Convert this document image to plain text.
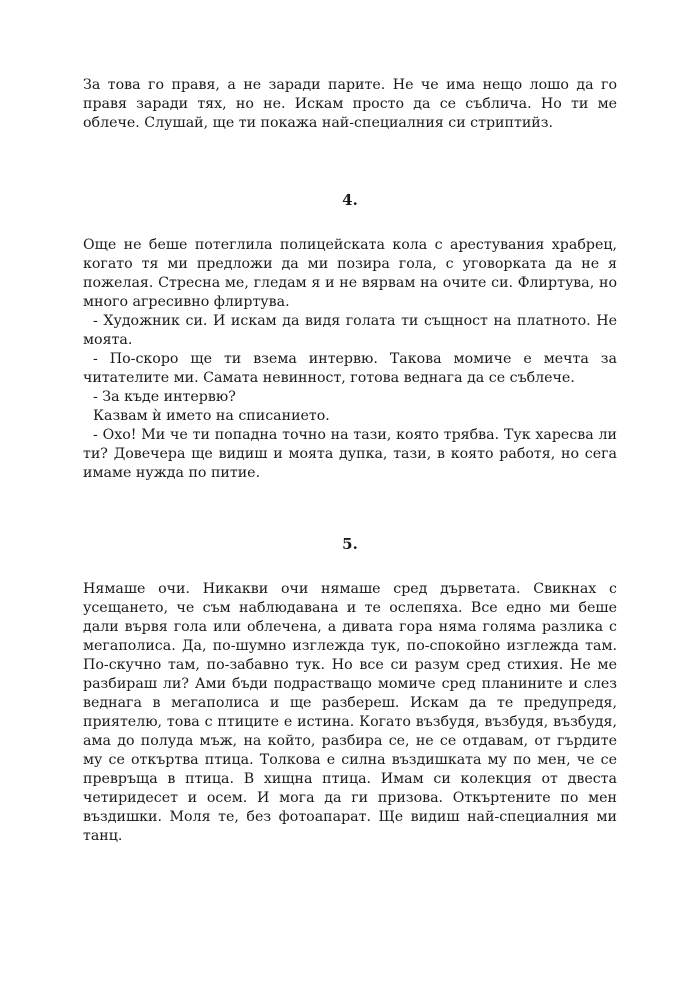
За това го правя, а не заради парите. Не че има нещо лошо да го правя заради тях, но не. Искам просто да се съблича. Но ти ме облече. Слушай, ще ти покажа най-специалния си стриптийз.

4.

Още не беше потеглила полицейската кола с арестувания храбрец, когато тя ми предложи да ми позира гола, с уговорката да не я пожелая. Стресна ме, гледам я и не вярвам на очите си. Флиртува, но много агресивно флиртува.

- Художник си. И искам да видя голата ти същност на платното. Не моята.

- По-скоро ще ти взема интервю. Такова момиче е мечта за читателите ми. Самата невинност, готова веднага да се съблече.

- За къде интервю?

Казвам ѝ името на списанието.

- Охо! Ми че ти попадна точно на тази, която трябва. Тук харесва ли ти? Довечера ще видиш и моята дупка, тази, в която работя, но сега имаме нужда по питие.

5.

Нямаше очи. Никакви очи нямаше сред дърветата. Свикнах с усещането, че съм наблюдавана и те ослепяха. Все едно ми беше дали вървя гола или облечена, а дивата гора няма голяма разлика с мегаполиса. Да, по-шумно изглежда тук, по-спокойно изглежда там. По-скучно там, по-забавно тук. Но все си разум сред стихия. Не ме разбираш ли? Ами бъди подрастващо момиче сред планините и слез веднага в мегаполиса и ще разбереш. Искам да те предупредя, приятелю, това с птиците е истина. Когато възбудя, възбудя, възбудя, ама до полуда мъж, на който, разбира се, не се отдавам, от гърдите му се откъртва птица. Толкова е силна въздишката му по мен, че се превръща в птица. В хищна птица. Имам си колекция от двеста четиридесет и осем. И мога да ги призова. Откъртените по мен въздишки. Моля те, без фотоапарат. Ще видиш най-специалния ми танц.
